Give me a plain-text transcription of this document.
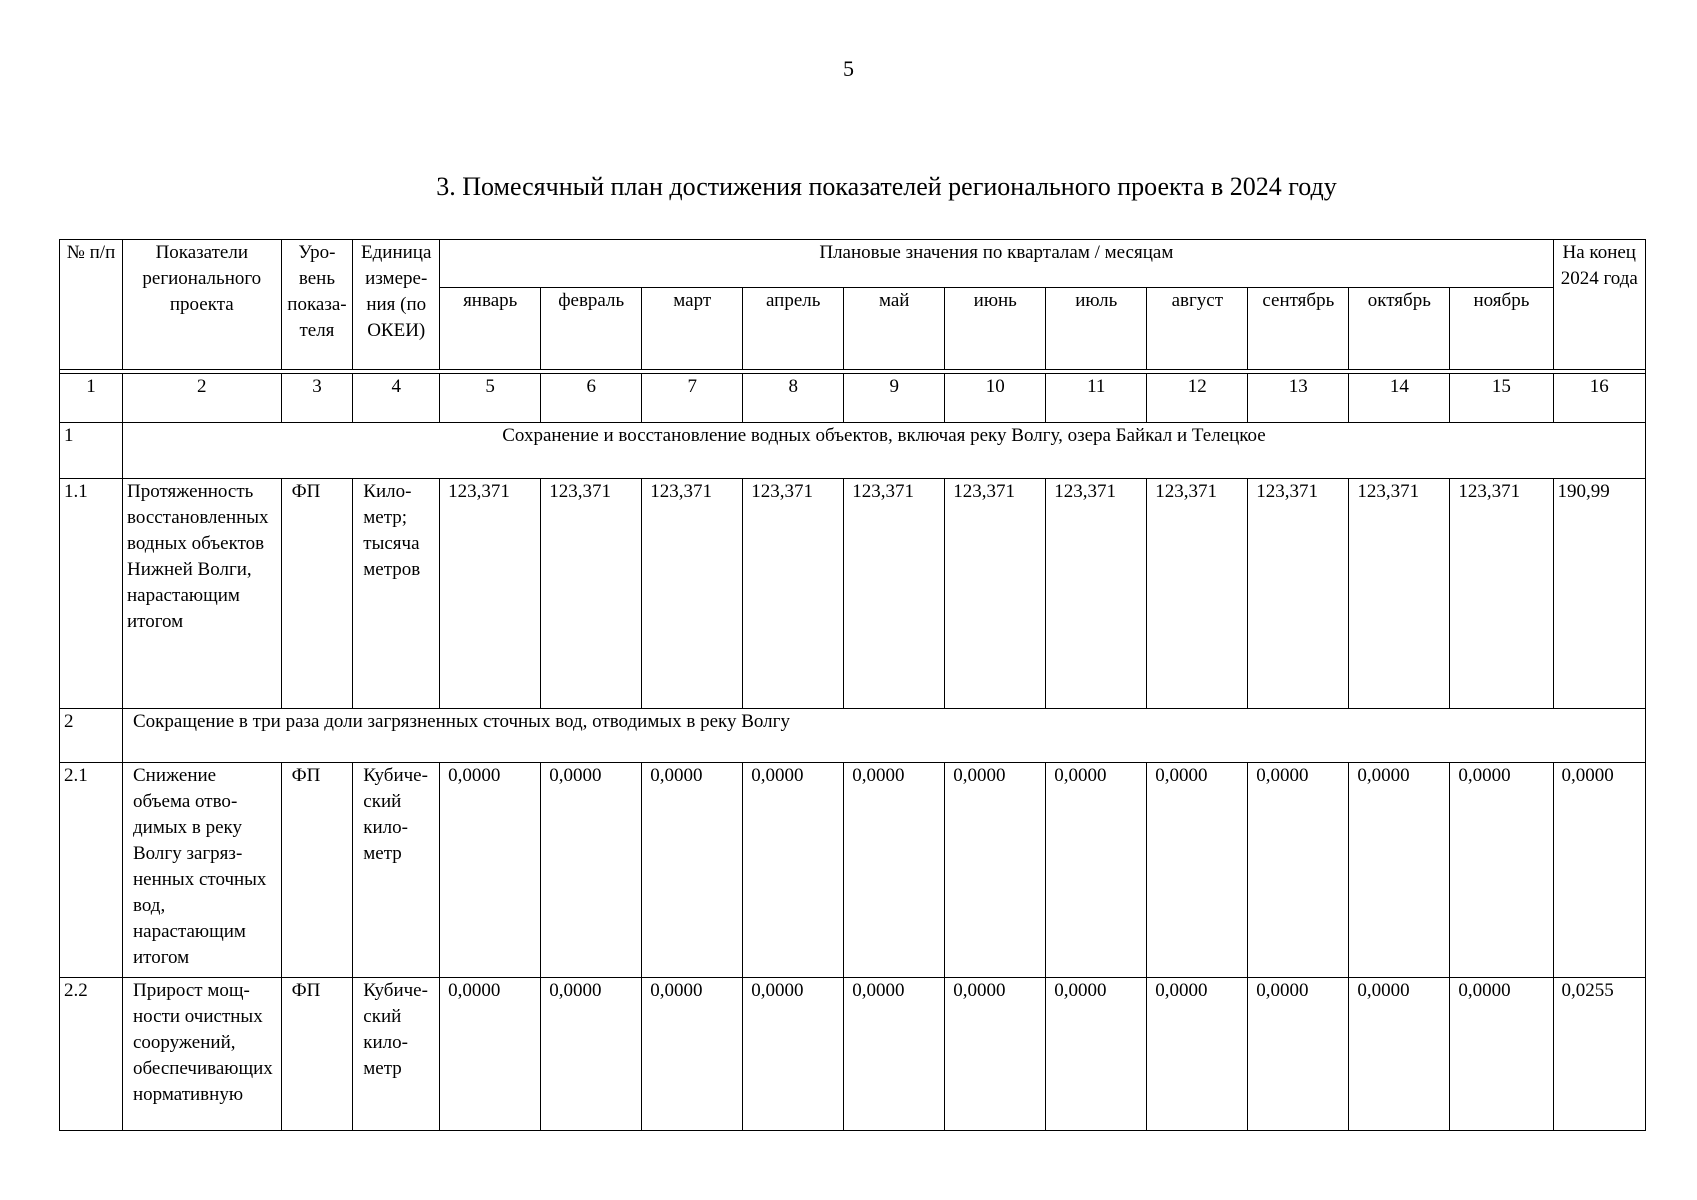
5
3. Помесячный план достижения показателей регионального проекта в 2024 году
№ п/п	Показатели регионального проекта	Уровень показателя	Единица измерения (по ОКЕИ)	Плановые значения по кварталам / месяцам											На конец 2024 года
				январь	февраль	март	апрель	май	июнь	июль	август	сентябрь	октябрь	ноябрь	

1	2	3	4	5	6	7	8	9	10	11	12	13	14	15	16
1	Сохранение и восстановление водных объектов, включая реку Волгу, озера Байкал и Телецкое														
1.1	Протяженность восстановленных водных объектов Нижней Волги, нарастающим итогом	ФП	Километр; тысяча метров	123,371	123,371	123,371	123,371	123,371	123,371	123,371	123,371	123,371	123,371	123,371	190,99
2	Сокращение в три раза доли загрязненных сточных вод, отводимых в реку Волгу														
2.1	Снижение объема отводимых в реку Волгу загрязненных сточных вод, нарастающим итогом	ФП	Кубический километр	0,0000	0,0000	0,0000	0,0000	0,0000	0,0000	0,0000	0,0000	0,0000	0,0000	0,0000	0,0000
2.2	Прирост мощности очистных сооружений, обеспечивающих нормативную	ФП	Кубический километр	0,0000	0,0000	0,0000	0,0000	0,0000	0,0000	0,0000	0,0000	0,0000	0,0000	0,0000	0,0255
